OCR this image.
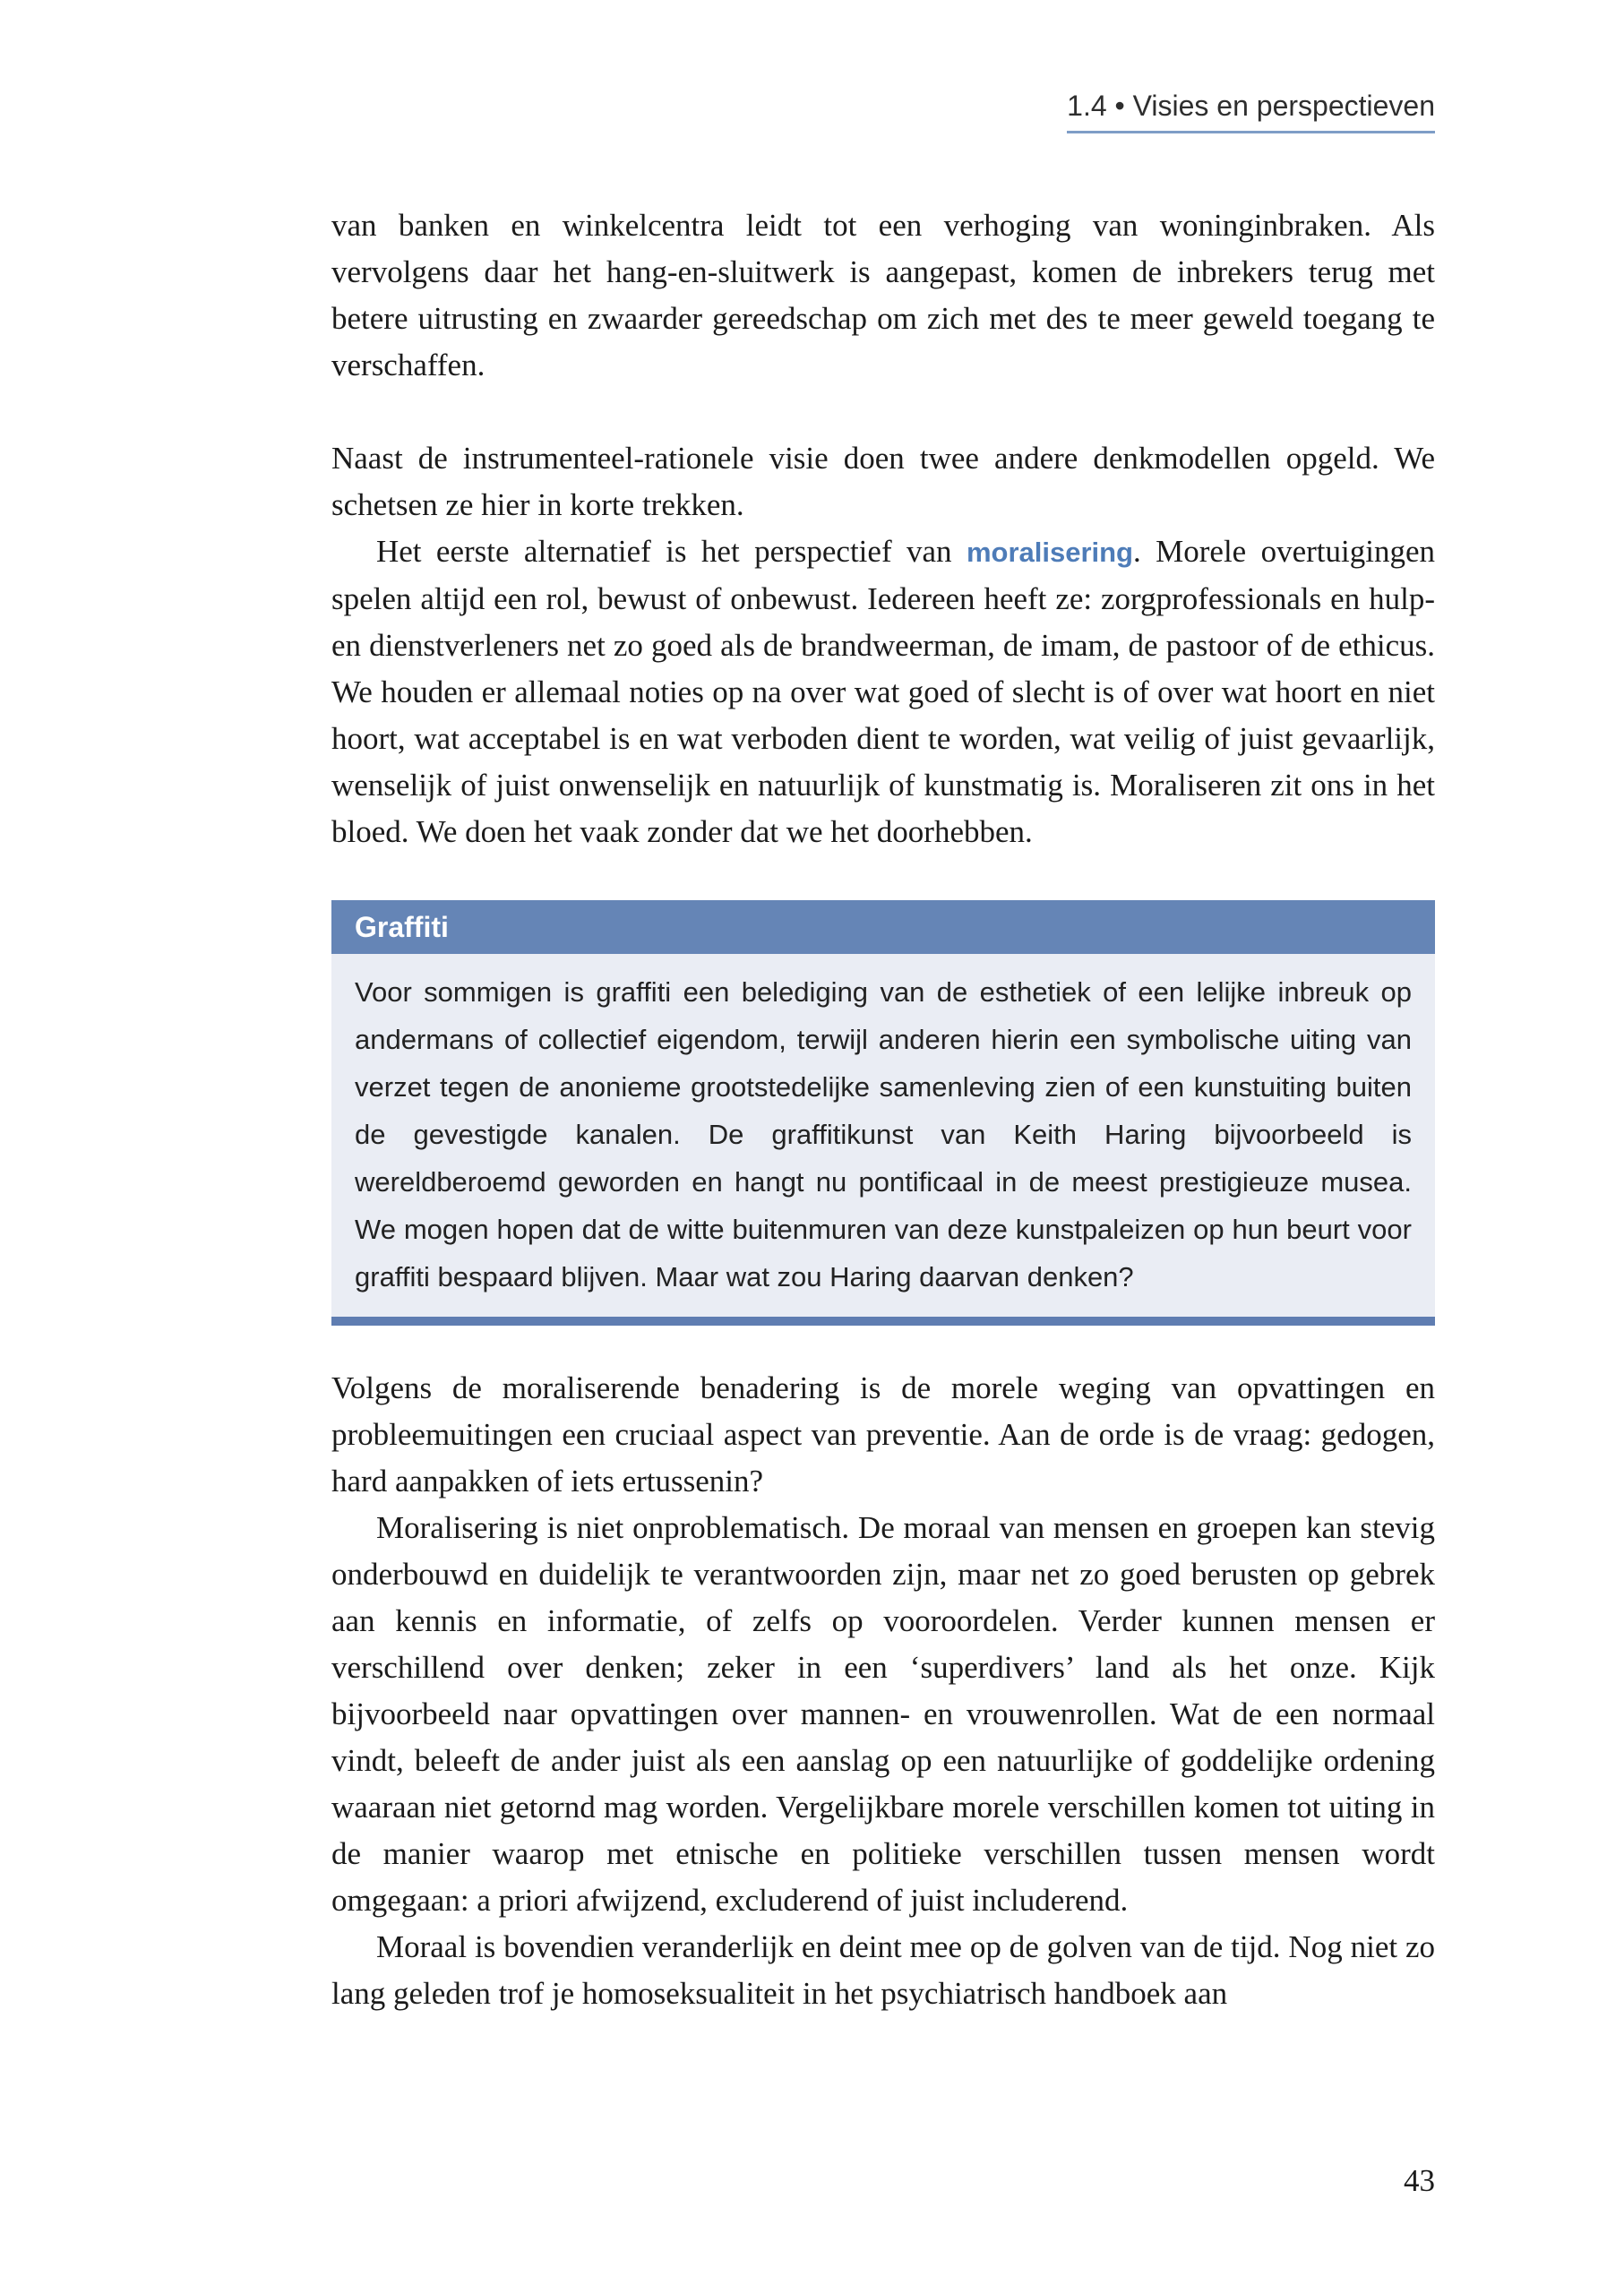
1.4 • Visies en perspectieven

van banken en winkelcentra leidt tot een verhoging van woninginbraken. Als vervolgens daar het hang-en-sluitwerk is aangepast, komen de inbrekers terug met betere uitrusting en zwaarder gereedschap om zich met des te meer geweld toegang te verschaffen.

Naast de instrumenteel-rationele visie doen twee andere denkmodellen opgeld. We schetsen ze hier in korte trekken.

Het eerste alternatief is het perspectief van moralisering. Morele overtuigingen spelen altijd een rol, bewust of onbewust. Iedereen heeft ze: zorgprofessionals en hulp- en dienstverleners net zo goed als de brandweerman, de imam, de pastoor of de ethicus. We houden er allemaal noties op na over wat goed of slecht is of over wat hoort en niet hoort, wat acceptabel is en wat verboden dient te worden, wat veilig of juist gevaarlijk, wenselijk of juist onwenselijk en natuurlijk of kunstmatig is. Moraliseren zit ons in het bloed. We doen het vaak zonder dat we het doorhebben.

Graffiti
Voor sommigen is graffiti een belediging van de esthetiek of een lelijke inbreuk op andermans of collectief eigendom, terwijl anderen hierin een symbolische uiting van verzet tegen de anonieme grootstedelijke samenleving zien of een kunstuiting buiten de gevestigde kanalen. De graffitikunst van Keith Haring bijvoorbeeld is wereldberoemd geworden en hangt nu pontificaal in de meest prestigieuze musea. We mogen hopen dat de witte buitenmuren van deze kunstpaleizen op hun beurt voor graffiti bespaard blijven. Maar wat zou Haring daarvan denken?

Volgens de moraliserende benadering is de morele weging van opvattingen en probleemuitingen een cruciaal aspect van preventie. Aan de orde is de vraag: gedogen, hard aanpakken of iets ertussenin?

Moralisering is niet onproblematisch. De moraal van mensen en groepen kan stevig onderbouwd en duidelijk te verantwoorden zijn, maar net zo goed berusten op gebrek aan kennis en informatie, of zelfs op vooroordelen. Verder kunnen mensen er verschillend over denken; zeker in een ‘superdivers’ land als het onze. Kijk bijvoorbeeld naar opvattingen over mannen- en vrouwenrollen. Wat de een normaal vindt, beleeft de ander juist als een aanslag op een natuurlijke of goddelijke ordening waaraan niet getornd mag worden. Vergelijkbare morele verschillen komen tot uiting in de manier waarop met etnische en politieke verschillen tussen mensen wordt omgegaan: a priori afwijzend, excluderend of juist includerend.

Moraal is bovendien veranderlijk en deint mee op de golven van de tijd. Nog niet zo lang geleden trof je homoseksualiteit in het psychiatrisch handboek aan

43
